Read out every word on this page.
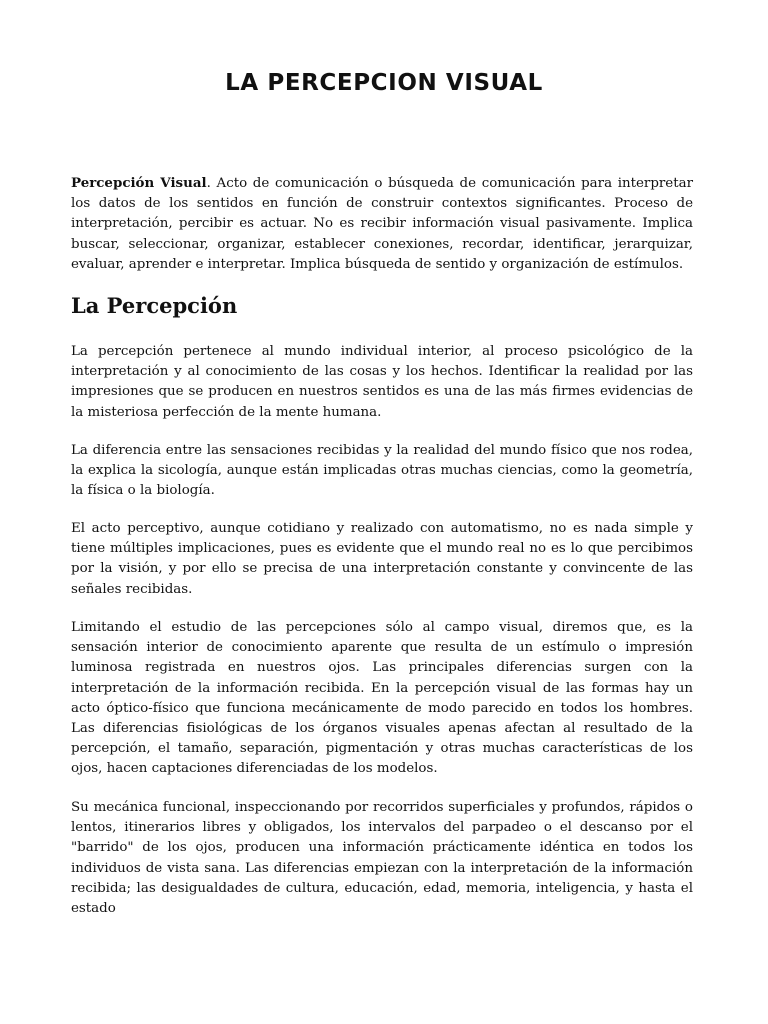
LA PERCEPCION VISUAL

Percepción Visual. Acto de comunicación o búsqueda de comunicación para interpretar los datos de los sentidos en función de construir contextos significantes. Proceso de interpretación, percibir es actuar. No es recibir información visual pasivamente. Implica buscar, seleccionar, organizar, establecer conexiones, recordar, identificar, jerarquizar, evaluar, aprender e interpretar. Implica búsqueda de sentido y organización de estímulos.

La Percepción

La percepción pertenece al mundo individual interior, al proceso psicológico de la interpretación y al conocimiento de las cosas y los hechos. Identificar la realidad por las impresiones que se producen en nuestros sentidos es una de las más firmes evidencias de la misteriosa perfección de la mente humana.

La diferencia entre las sensaciones recibidas y la realidad del mundo físico que nos rodea, la explica la sicología, aunque están implicadas otras muchas ciencias, como la geometría, la física o la biología.

El acto perceptivo, aunque cotidiano y realizado con automatismo, no es nada simple y tiene múltiples implicaciones, pues es evidente que el mundo real no es lo que percibimos por la visión, y por ello se precisa de una interpretación constante y convincente de las señales recibidas.

Limitando el estudio de las percepciones sólo al campo visual, diremos que, es la sensación interior de conocimiento aparente que resulta de un estímulo o impresión luminosa registrada en nuestros ojos. Las principales diferencias surgen con la interpretación de la información recibida. En la percepción visual de las formas hay un acto óptico-físico que funciona mecánicamente de modo parecido en todos los hombres. Las diferencias fisiológicas de los órganos visuales apenas afectan al resultado de la percepción, el tamaño, separación, pigmentación y otras muchas características de los ojos, hacen captaciones diferenciadas de los modelos.

Su mecánica funcional, inspeccionando por recorridos superficiales y profundos, rápidos o lentos, itinerarios libres y obligados, los intervalos del parpadeo o el descanso por el "barrido" de los ojos, producen una información prácticamente idéntica en todos los individuos de vista sana. Las diferencias empiezan con la interpretación de la información recibida; las desigualdades de cultura, educación, edad, memoria, inteligencia, y hasta el estado
